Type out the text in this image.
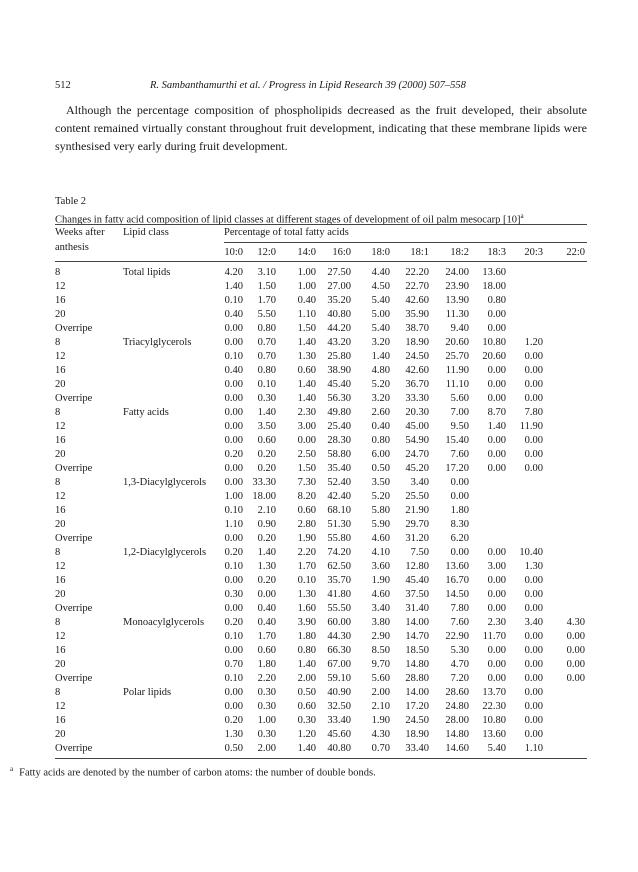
512	R. Sambanthamurthi et al. / Progress in Lipid Research 39 (2000) 507–558

Although the percentage composition of phospholipids decreased as the fruit developed, their absolute content remained virtually constant throughout fruit development, indicating that these membrane lipids were synthesised very early during fruit development.

Table 2
Changes in fatty acid composition of lipid classes at different stages of development of oil palm mesocarp $[10]^a$
Weeks after anthesis
Lipid class	Percentage of total fatty acids
10:0	12:0	14:0	16:0	18:0	18:1	18:2	18:3	20:3	22:0
8	Total lipids	4.20	3.10	1.00	27.50	4.40	22.20	24.00	13.60
12	1.40	1.50	1.00	27.00	4.50	22.70	23.90	18.00
16	0.10	1.70	0.40	35.20	5.40	42.60	13.90	0.80
20	0.40	5.50	1.10	40.80	5.00	35.90	11.30	0.00
Overripe	0.00	0.80	1.50	44.20	5.40	38.70	9.40	0.00
8	Triacylglycerols	0.00	0.70	1.40	43.20	3.20	18.90	20.60	10.80	1.20
12	0.10	0.70	1.30	25.80	1.40	24.50	25.70	20.60	0.00
16	0.40	0.80	0.60	38.90	4.80	42.60	11.90	0.00	0.00
20	0.00	0.10	1.40	45.40	5.20	36.70	11.10	0.00	0.00
Overripe	0.00	0.30	1.40	56.30	3.20	33.30	5.60	0.00	0.00
8	Fatty acids	0.00	1.40	2.30	49.80	2.60	20.30	7.00	8.70	7.80
12	0.00	3.50	3.00	25.40	0.40	45.00	9.50	1.40	11.90
16	0.00	0.60	0.00	28.30	0.80	54.90	15.40	0.00	0.00
20	0.20	0.20	2.50	58.80	6.00	24.70	7.60	0.00	0.00
Overripe	0.00	0.20	1.50	35.40	0.50	45.20	17.20	0.00	0.00
8	1,3-Diacylglycerols	0.00 33.30	7.30	52.40	3.50	3.40	0.00
12	1.00 18.00	8.20	42.40	5.20	25.50	0.00
16	0.10	2.10	0.60	68.10	5.80	21.90	1.80
20	1.10	0.90	2.80	51.30	5.90	29.70	8.30
Overripe	0.00	0.20	1.90	55.80	4.60	31.20	6.20
8	1,2-Diacylglycerols	0.20	1.40	2.20	74.20	4.10	7.50	0.00	0.00	10.40
12	0.10	1.30	1.70	62.50	3.60	12.80	13.60	3.00	1.30
16	0.00	0.20	0.10	35.70	1.90	45.40	16.70	0.00	0.00
20	0.30	0.00	1.30	41.80	4.60	37.50	14.50	0.00	0.00
Overripe	0.00	0.40	1.60	55.50	3.40	31.40	7.80	0.00	0.00
8	Monoacylglycerols	0.20	0.40	3.90	60.00	3.80	14.00	7.60	2.30	3.40	4.30
12	0.10	1.70	1.80	44.30	2.90	14.70	22.90	11.70	0.00	0.00
16	0.00	0.60	0.80	66.30	8.50	18.50	5.30	0.00	0.00	0.00
20	0.70	1.80	1.40	67.00	9.70	14.80	4.70	0.00	0.00	0.00
Overripe	0.10	2.20	2.00	59.10	5.60	28.80	7.20	0.00	0.00	0.00
8	Polar lipids	0.00	0.30	0.50	40.90	2.00	14.00	28.60	13.70	0.00
12	0.00	0.30	0.60	32.50	2.10	17.20	24.80	22.30	0.00
16	0.20	1.00	0.30	33.40	1.90	24.50	28.00	10.80	0.00
20	1.30	0.30	1.20	45.60	4.30	18.90	14.80	13.60	0.00
Overripe	0.50	2.00	1.40	40.80	0.70	33.40	14.60	5.40	1.10
$^a$ Fatty acids are denoted by the number of carbon atoms: the number of double bonds.
